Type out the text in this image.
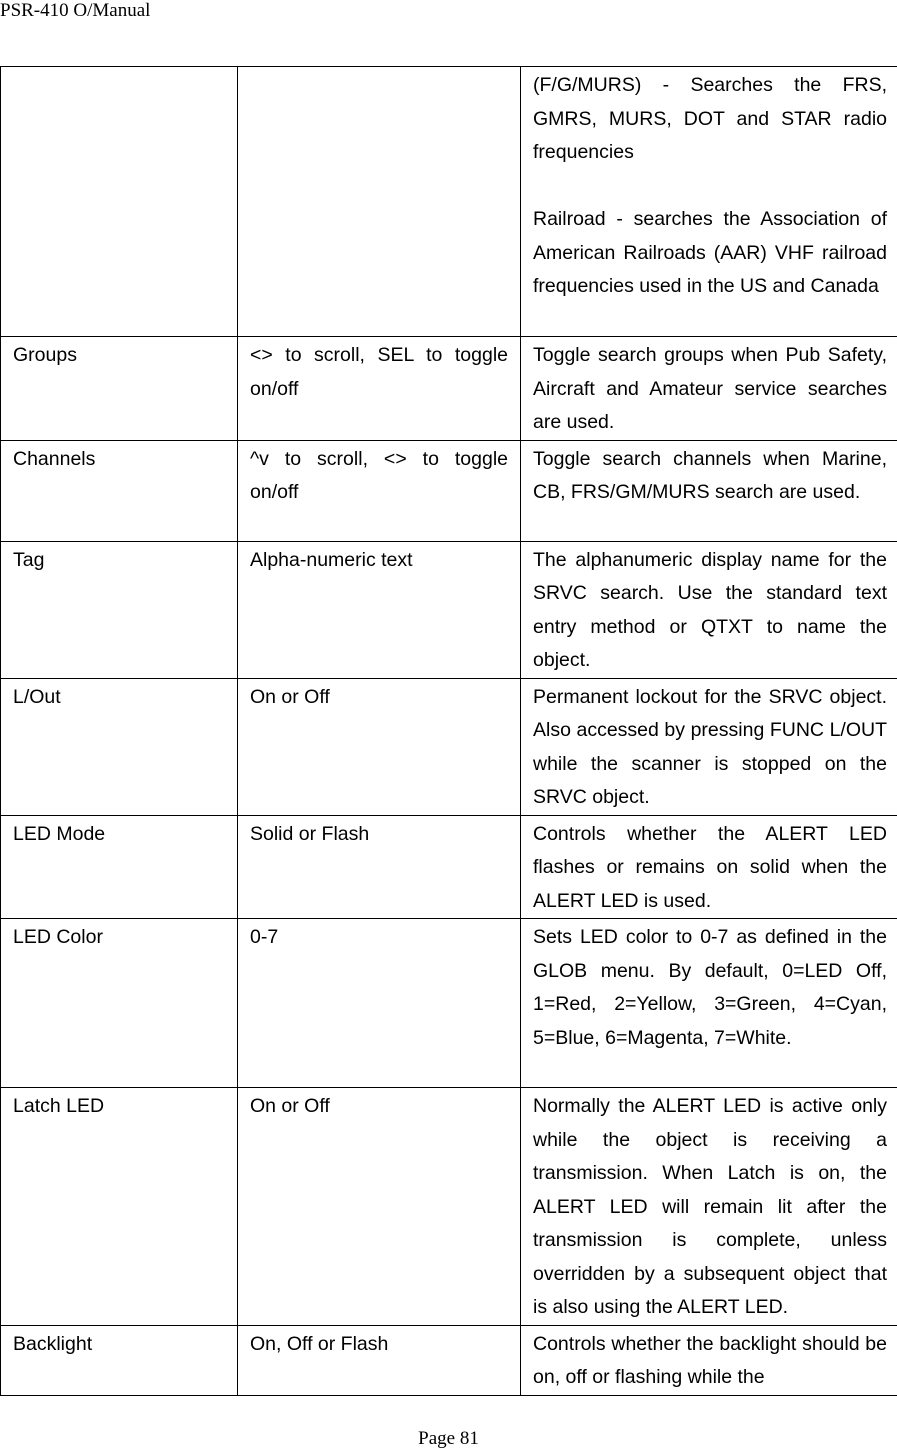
PSR-410 O/Manual

		(F/G/MURS) - Searches the FRS, GMRS, MURS, DOT and STAR radio frequencies
Railroad - searches the Association of American Railroads (AAR) VHF railroad frequencies used in the US and Canada

Groups	<> to scroll, SEL to toggle on/off	Toggle search groups when Pub Safety, Aircraft and Amateur service searches are used.
Channels	^v to scroll, <> to toggle on/off	Toggle search channels when Marine, CB, FRS/GM/MURS search are used.
Tag	Alpha-numeric text	The alphanumeric display name for the SRVC search. Use the standard text entry method or QTXT to name the object.
L/Out	On or Off	Permanent lockout for the SRVC object. Also accessed by pressing FUNC L/OUT while the scanner is stopped on the SRVC object.
LED Mode	Solid or Flash	Controls whether the ALERT LED flashes or remains on solid when the ALERT LED is used.
LED Color	0-7	Sets LED color to 0-7 as defined in the GLOB menu. By default, 0=LED Off, 1=Red, 2=Yellow, 3=Green, 4=Cyan, 5=Blue, 6=Magenta, 7=White.
Latch LED	On or Off	Normally the ALERT LED is active only while the object is receiving a transmission. When Latch is on, the ALERT LED will remain lit after the transmission is complete, unless overridden by a subsequent object that is also using the ALERT LED.
Backlight	On, Off or Flash	Controls whether the backlight should be on, off or flashing while the
Page 81
